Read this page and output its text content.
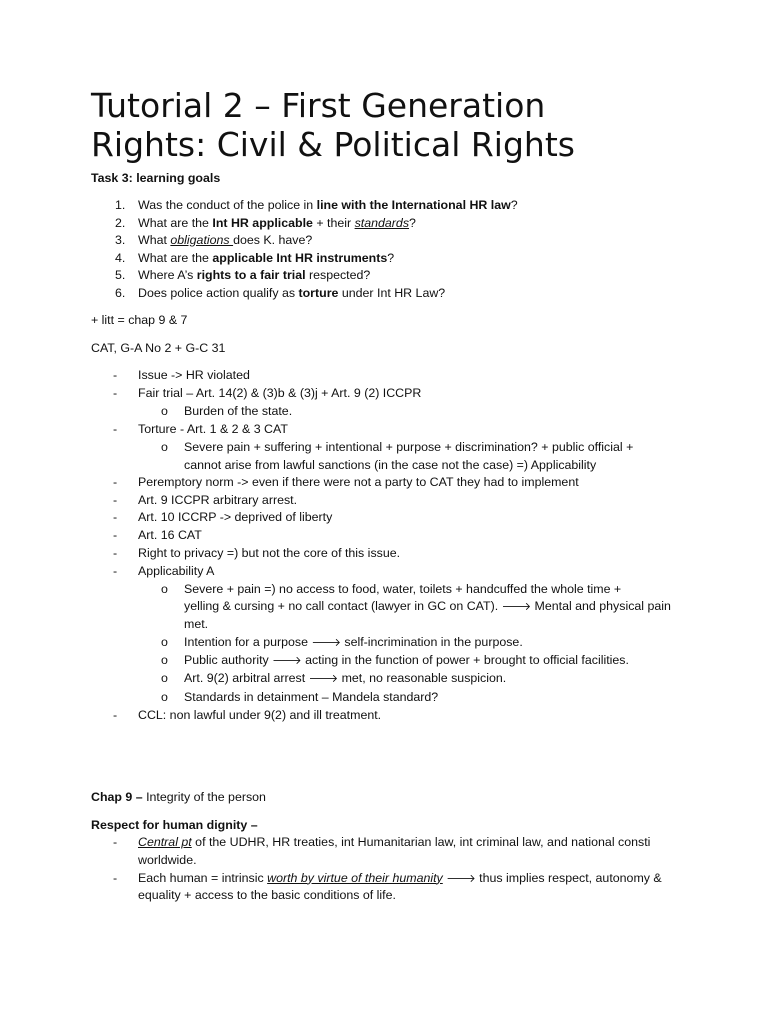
Tutorial 2 – First Generation
Rights: Civil & Political Rights
Task 3: learning goals
1. Was the conduct of the police in line with the International HR law?
2. What are the Int HR applicable + their standards?
3. What obligations does K. have?
4. What are the applicable Int HR instruments?
5. Where A’s rights to a fair trial respected?
6. Does police action qualify as torture under Int HR Law?
+ litt = chap 9 & 7
CAT, G-A No 2 + G-C 31
- Issue -> HR violated
- Fair trial – Art. 14(2) & (3)b & (3)j + Art. 9 (2) ICCPR
o Burden of the state.
- Torture - Art. 1 & 2 & 3 CAT
o Severe pain + suffering + intentional + purpose + discrimination? + public official +
cannot arise from lawful sanctions (in the case not the case) =) Applicability
- Peremptory norm -> even if there were not a party to CAT they had to implement
- Art. 9 ICCPR arbitrary arrest.
- Art. 10 ICCRP -> deprived of liberty
- Art. 16 CAT
- Right to privacy =) but not the core of this issue.
- Applicability A
o Severe + pain =) no access to food, water, toilets + handcuffed the whole time +
yelling & cursing + no call contact (lawyer in GC on CAT). 🡒 Mental and physical pain
met.
o Intention for a purpose 🡒 self-incrimination in the purpose.
o Public authority 🡒 acting in the function of power + brought to official facilities.
o Art. 9(2) arbitral arrest 🡒 met, no reasonable suspicion.
o Standards in detainment – Mandela standard?
- CCL: non lawful under 9(2) and ill treatment.
Chap 9 – Integrity of the person
Respect for human dignity –
- Central pt of the UDHR, HR treaties, int Humanitarian law, int criminal law, and national consti
worldwide.
- Each human = intrinsic worth by virtue of their humanity 🡒 thus implies respect, autonomy &
equality + access to the basic conditions of life.
